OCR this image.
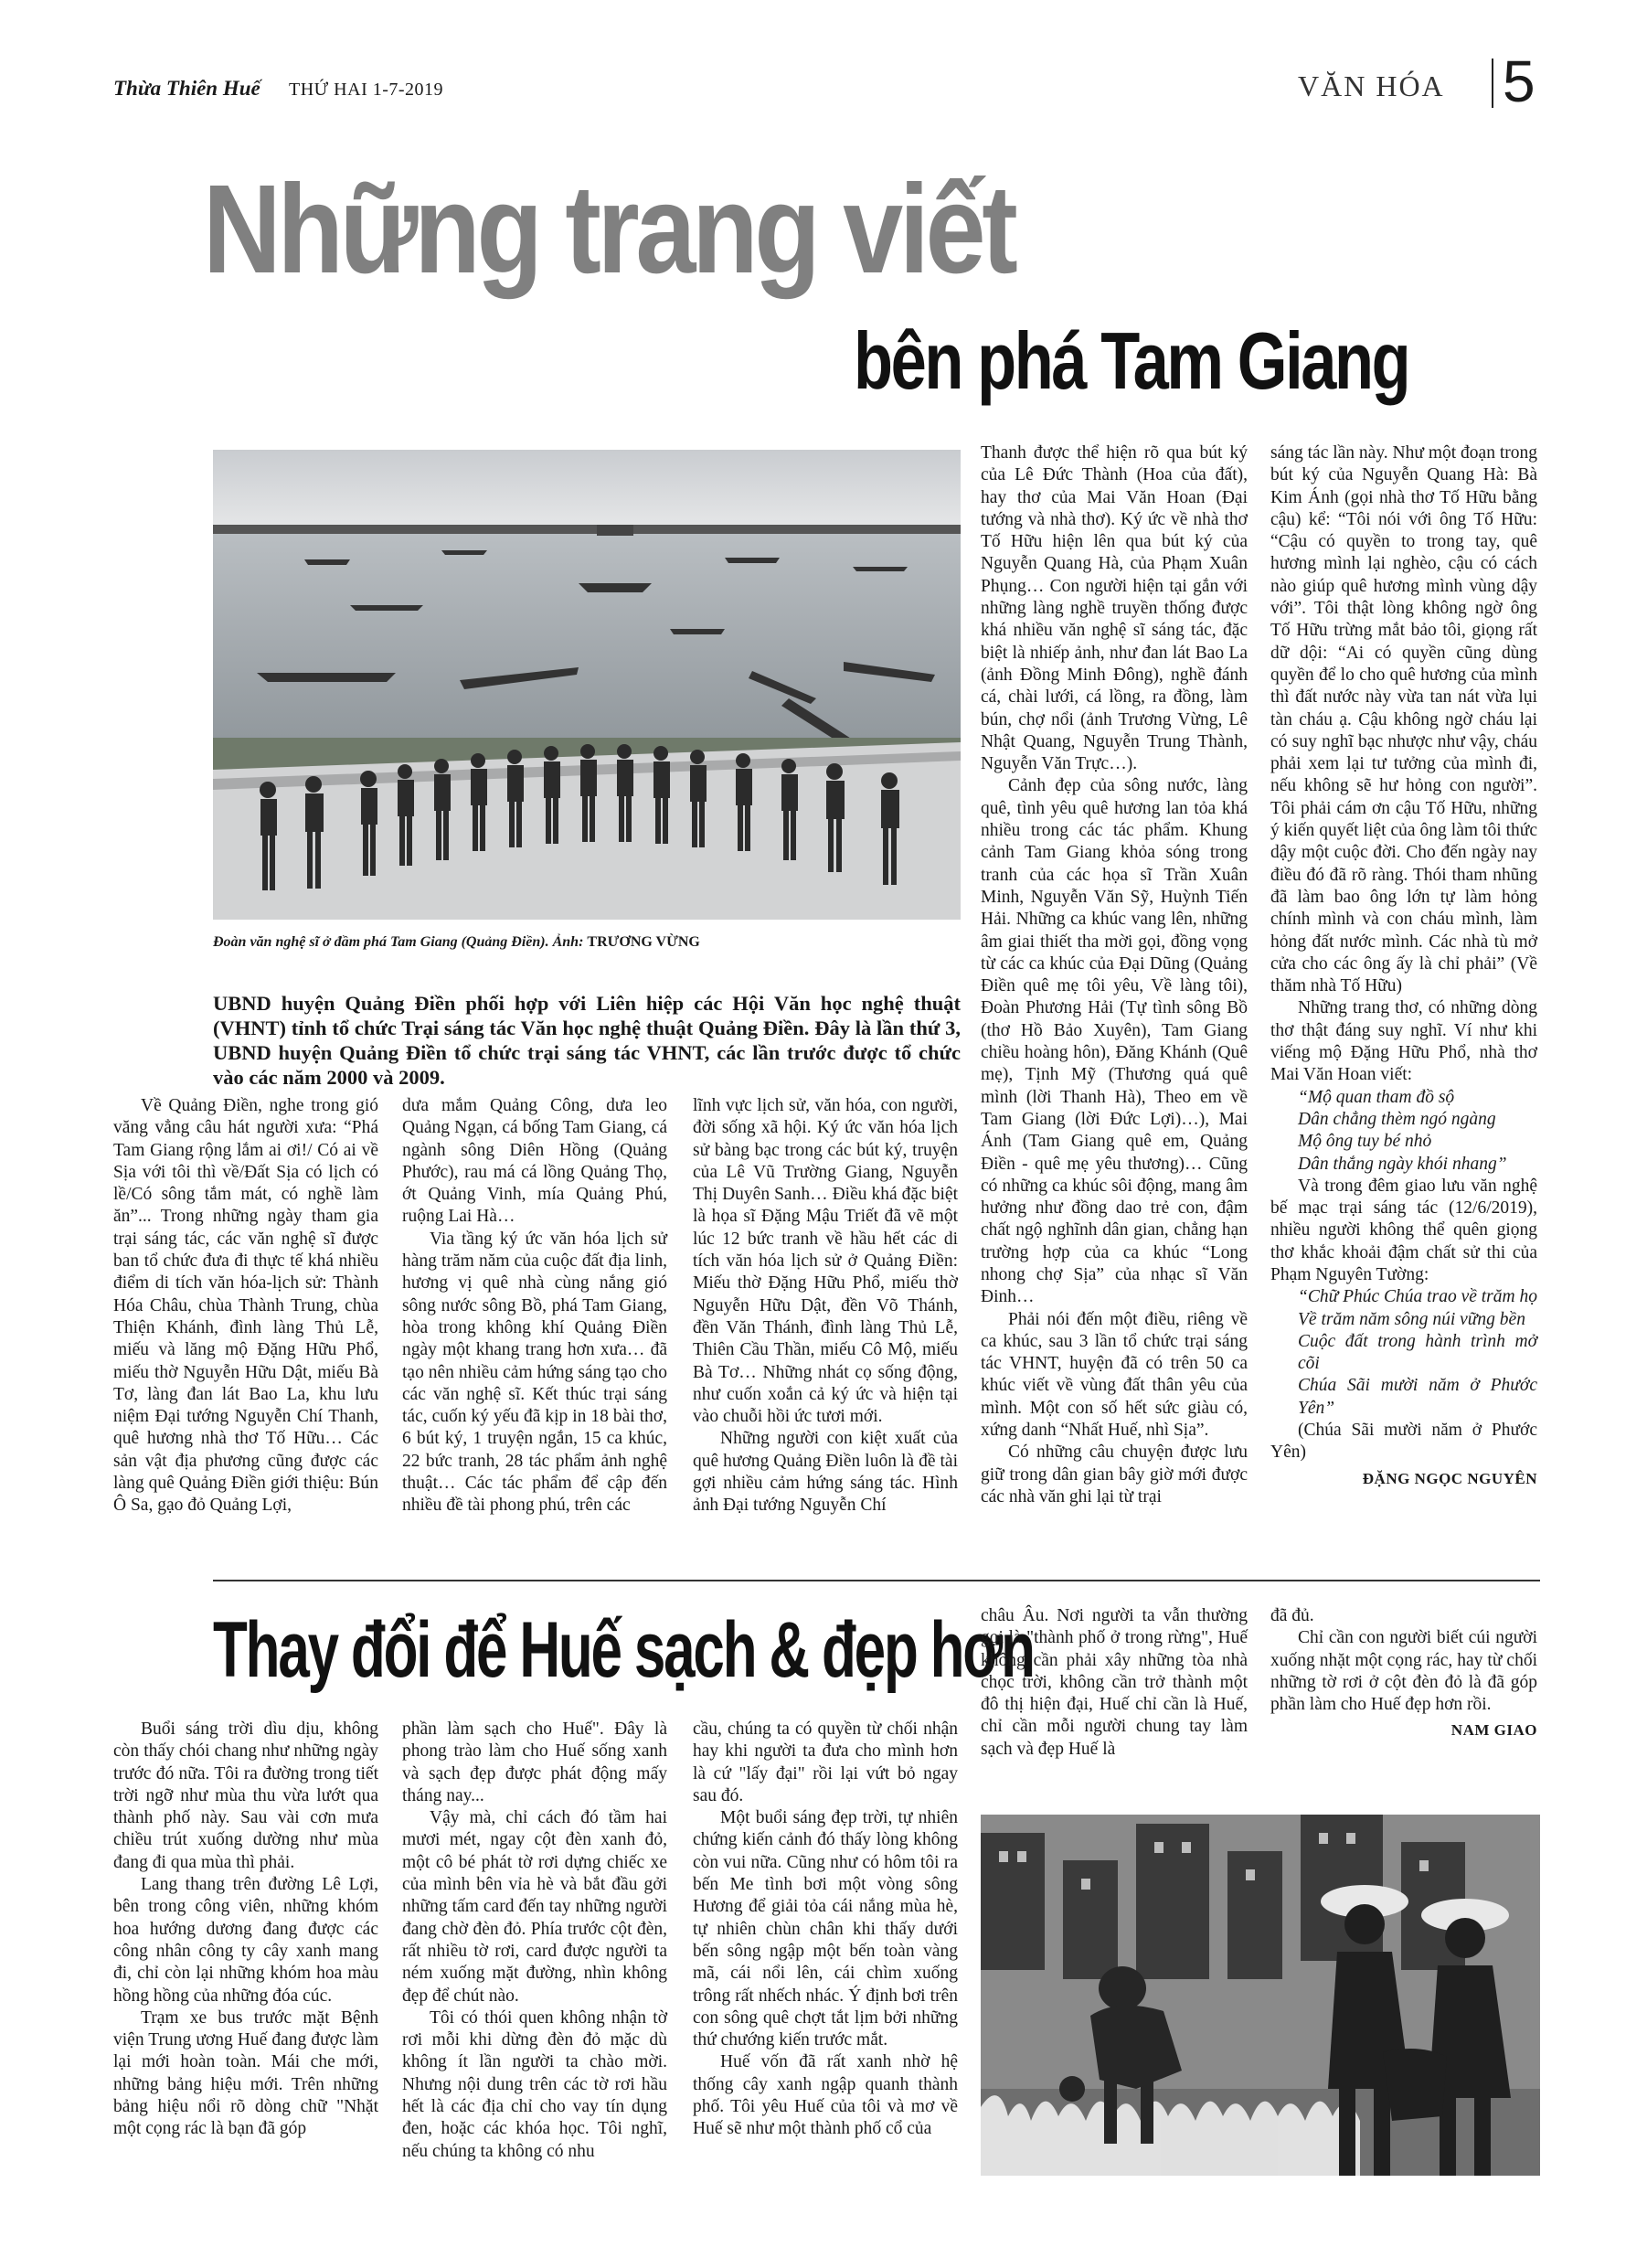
Thừa Thiên Huế THỨ HAI 1-7-2019	VĂN HÓA 5
Những trang viết
bên phá Tam Giang
Đoàn văn nghệ sĩ ở đầm phá Tam Giang (Quảng Điền). Ảnh: TRƯƠNG VỪNG
UBND huyện Quảng Điền phối hợp với Liên hiệp các Hội Văn học nghệ thuật (VHNT) tỉnh tổ chức Trại sáng tác Văn học nghệ thuật Quảng Điền. Đây là lần thứ 3, UBND huyện Quảng Điền tổ chức trại sáng tác VHNT, các lần trước được tổ chức vào các năm 2000 và 2009.

Về Quảng Điền, nghe trong gió văng vẳng câu hát người xưa: “Phá Tam Giang rộng lắm ai ơi!/ Có ai về Sịa với tôi thì về/Đất Sịa có lịch có lề/Có sông tắm mát, có nghề làm ăn”... Trong những ngày tham gia trại sáng tác, các văn nghệ sĩ được ban tổ chức đưa đi thực tế khá nhiều điểm di tích văn hóa-lịch sử: Thành Hóa Châu, chùa Thành Trung, chùa Thiện Khánh, đình làng Thủ Lễ, miếu và lăng mộ Đặng Hữu Phổ, miếu thờ Nguyễn Hữu Dật, miếu Bà Tơ, làng đan lát Bao La, khu lưu niệm Đại tướng Nguyễn Chí Thanh, quê hương nhà thơ Tố Hữu… Các sản vật địa phương cũng được các làng quê Quảng Điền giới thiệu: Bún Ô Sa, gạo đỏ Quảng Lợi,

dưa mắm Quảng Công, dưa leo Quảng Ngạn, cá bống Tam Giang, cá ngành sông Diên Hồng (Quảng Phước), rau má cá lồng Quảng Thọ, ớt Quảng Vinh, mía Quảng Phú, ruộng Lai Hà…

Via tầng ký ức văn hóa lịch sử hàng trăm năm của cuộc đất địa linh, hương vị quê nhà cùng nắng gió sông nước sông Bồ, phá Tam Giang, hòa trong không khí Quảng Điền ngày một khang trang hơn xưa… đã tạo nên nhiều cảm hứng sáng tạo cho các văn nghệ sĩ. Kết thúc trại sáng tác, cuốn ký yếu đã kịp in 18 bài thơ, 6 bút ký, 1 truyện ngắn, 15 ca khúc, 22 bức tranh, 28 tác phẩm ảnh nghệ thuật… Các tác phẩm để cập đến nhiều đề tài phong phú, trên các

lĩnh vực lịch sử, văn hóa, con người, đời sống xã hội. Ký ức văn hóa lịch sử bàng bạc trong các bút ký, truyện của Lê Vũ Trường Giang, Nguyễn Thị Duyên Sanh… Điều khá đặc biệt là họa sĩ Đặng Mậu Triết đã vẽ một lúc 12 bức tranh về hầu hết các di tích văn hóa lịch sử ở Quảng Điền: Miếu thờ Đặng Hữu Phổ, miếu thờ Nguyễn Hữu Dật, đền Võ Thánh, đền Văn Thánh, đình làng Thủ Lễ, Thiên Cầu Thần, miếu Cô Mộ, miếu Bà Tơ… Những nhát cọ sống động, như cuốn xoắn cả ký ức và hiện tại vào chuỗi hồi ức tươi mới.

Những người con kiệt xuất của quê hương Quảng Điền luôn là đề tài gợi nhiều cảm hứng sáng tác. Hình ảnh Đại tướng Nguyễn Chí

Thanh được thể hiện rõ qua bút ký của Lê Đức Thành (Hoa của đất), hay thơ của Mai Văn Hoan (Đại tướng và nhà thơ). Ký ức về nhà thơ Tố Hữu hiện lên qua bút ký của Nguyễn Quang Hà, của Phạm Xuân Phụng… Con người hiện tại gắn với những làng nghề truyền thống được khá nhiều văn nghệ sĩ sáng tác, đặc biệt là nhiếp ảnh, như đan lát Bao La (ảnh Đồng Minh Đông), nghề đánh cá, chài lưới, cá lồng, ra đồng, làm bún, chợ nổi (ảnh Trương Vừng, Lê Nhật Quang, Nguyễn Trung Thành, Nguyễn Văn Trực…).

Cảnh đẹp của sông nước, làng quê, tình yêu quê hương lan tỏa khá nhiều trong các tác phẩm. Khung cảnh Tam Giang khỏa sóng trong tranh của các họa sĩ Trần Xuân Minh, Nguyễn Văn Sỹ, Huỳnh Tiến Hải. Những ca khúc vang lên, những âm giai thiết tha mời gọi, đồng vọng từ các ca khúc của Đại Dũng (Quảng Điền quê mẹ tôi yêu, Về làng tôi), Đoàn Phương Hải (Tự tình sông Bồ (thơ Hồ Bảo Xuyên), Tam Giang chiều hoàng hôn), Đăng Khánh (Quê mẹ), Tịnh Mỹ (Thương quá quê mình (lời Thanh Hà), Theo em về Tam Giang (lời Đức Lợi)…), Mai Ánh (Tam Giang quê em, Quảng Điền - quê mẹ yêu thương)… Cũng có những ca khúc sôi động, mang âm hưởng như đồng dao trẻ con, đậm chất ngộ nghĩnh dân gian, chẳng hạn trường hợp của ca khúc “Long nhong chợ Sịa” của nhạc sĩ Văn Đinh…

Phải nói đến một điều, riêng về ca khúc, sau 3 lần tổ chức trại sáng tác VHNT, huyện đã có trên 50 ca khúc viết về vùng đất thân yêu của mình. Một con số hết sức giàu có, xứng danh “Nhất Huế, nhì Sịa”.

Có những câu chuyện được lưu giữ trong dân gian bây giờ mới được các nhà văn ghi lại từ trại

sáng tác lần này. Như một đoạn trong bút ký của Nguyễn Quang Hà: Bà Kim Ánh (gọi nhà thơ Tố Hữu bằng cậu) kể: “Tôi nói với ông Tố Hữu: “Cậu có quyền to trong tay, quê hương mình lại nghèo, cậu có cách nào giúp quê hương mình vùng dậy với”. Tôi thật lòng không ngờ ông Tố Hữu trừng mắt bảo tôi, giọng rất dữ dội: “Ai có quyền cũng dùng quyền để lo cho quê hương của mình thì đất nước này vừa tan nát vừa lụi tàn cháu ạ. Cậu không ngờ cháu lại có suy nghĩ bạc nhược như vậy, cháu phải xem lại tư tưởng của mình đi, nếu không sẽ hư hỏng con người”. Tôi phải cám ơn cậu Tố Hữu, những ý kiến quyết liệt của ông làm tôi thức dậy một cuộc đời. Cho đến ngày nay điều đó đã rõ ràng. Thói tham nhũng đã làm bao ông lớn tự làm hỏng chính mình và con cháu mình, làm hỏng đất nước mình. Các nhà tù mở cửa cho các ông ấy là chỉ phải” (Về thăm nhà Tố Hữu)

Những trang thơ, có những dòng thơ thật đáng suy nghĩ. Ví như khi viếng mộ Đặng Hữu Phổ, nhà thơ Mai Văn Hoan viết:

“Mộ quan tham đồ sộ

Dân chẳng thèm ngó ngàng

Mộ ông tuy bé nhỏ

Dân thắng ngày khói nhang”

Và trong đêm giao lưu văn nghệ bế mạc trại sáng tác (12/6/2019), nhiều người không thể quên giọng thơ khắc khoải đậm chất sử thi của Phạm Nguyên Tường:

“Chữ Phúc Chúa trao về trăm họ

Về trăm năm sông núi vững bền

Cuộc đất trong hành trình mở cõi

Chúa Sãi mười năm ở Phước Yên”

(Chúa Sãi mười năm ở Phước Yên)

ĐẶNG NGỌC NGUYÊN

Thay đổi để Huế sạch & đẹp hơn

Buổi sáng trời dìu dịu, không còn thấy chói chang như những ngày trước đó nữa. Tôi ra đường trong tiết trời ngỡ như mùa thu vừa lướt qua thành phố này. Sau vài cơn mưa chiều trút xuống dường như mùa đang đi qua mùa thì phải.

Lang thang trên đường Lê Lợi, bên trong công viên, những khóm hoa hướng dương đang được các công nhân công ty cây xanh mang đi, chỉ còn lại những khóm hoa màu hồng hồng của những đóa cúc.

Trạm xe bus trước mặt Bệnh viện Trung ương Huế đang được làm lại mới hoàn toàn. Mái che mới, những bảng hiệu mới. Trên những bảng hiệu nổi rõ dòng chữ "Nhặt một cọng rác là bạn đã góp

phần làm sạch cho Huế". Đây là phong trào làm cho Huế sống xanh và sạch đẹp được phát động mấy tháng nay...

Vậy mà, chỉ cách đó tầm hai mươi mét, ngay cột đèn xanh đỏ, một cô bé phát tờ rơi dựng chiếc xe của mình bên vỉa hè và bắt đầu gởi những tấm card đến tay những người đang chờ đèn đỏ. Phía trước cột đèn, rất nhiều tờ rơi, card được người ta ném xuống mặt đường, nhìn không đẹp để chút nào.

Tôi có thói quen không nhận tờ rơi mỗi khi dừng đèn đỏ mặc dù không ít lần người ta chào mời. Nhưng nội dung trên các tờ rơi hầu hết là các địa chỉ cho vay tín dụng đen, hoặc các khóa học. Tôi nghĩ, nếu chúng ta không có nhu

cầu, chúng ta có quyền từ chối nhận hay khi người ta đưa cho mình hơn là cứ "lấy đại" rồi lại vứt bỏ ngay sau đó.

Một buổi sáng đẹp trời, tự nhiên chứng kiến cảnh đó thấy lòng không còn vui nữa. Cũng như có hôm tôi ra bến Me tình bơi một vòng sông Hương để giải tỏa cái nắng mùa hè, tự nhiên chùn chân khi thấy dưới bến sông ngập một bến toàn vàng mã, cái nổi lên, cái chìm xuống trông rất nhếch nhác. Ý định bơi trên con sông quê chợt tắt lịm bởi những thứ chướng kiến trước mắt.

Huế vốn đã rất xanh nhờ hệ thống cây xanh ngập quanh thành phố. Tôi yêu Huế của tôi và mơ về Huế sẽ như một thành phố cổ của

châu Âu. Nơi người ta vẫn thường gọi là "thành phố ở trong rừng", Huế không cần phải xây những tòa nhà chọc trời, không cần trở thành một đô thị hiện đại, Huế chỉ cần là Huế, chỉ cần mỗi người chung tay làm sạch và đẹp Huế là

đã đủ.

Chỉ cần con người biết cúi người xuống nhặt một cọng rác, hay từ chối những tờ rơi ở cột đèn đỏ là đã góp phần làm cho Huế đẹp hơn rồi.

NAM GIAO
